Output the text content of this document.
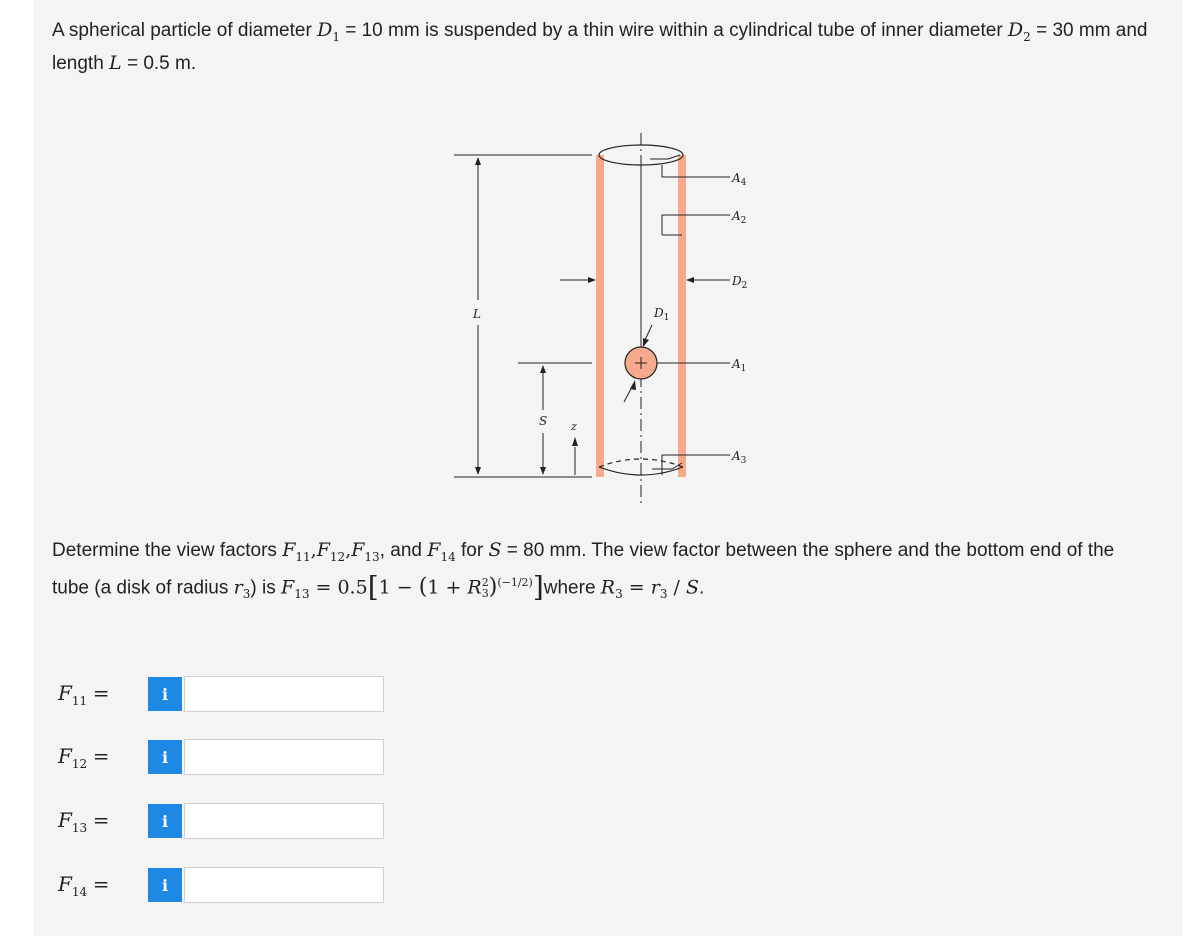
A spherical particle of diameter $D_1 = 10$ mm is suspended by a thin wire within a cylindrical tube of inner diameter $D_2 = 30$ mm and
length L = 0.5 m.
L
S z
$A_4$
$A_2$
$D_2$
$A_1$
$A_3$
$D_1$
Determine the view factors $F_{11},F_{12},F_{13}$, and $F_{14}$ for S = 80 mm. The view factor between the sphere and the bottom end of the
tube (a disk of radius $r_3$) is $F_{13} = 0.5[1 - (1 + R$ 2
3 )$^{(-1/2)}$]where $R_3 = r_3 / S$.
$F_{11}$ =	i
$F_{12}$ =	i
$F_{13}$ =	i
$F_{14}$ =	i
